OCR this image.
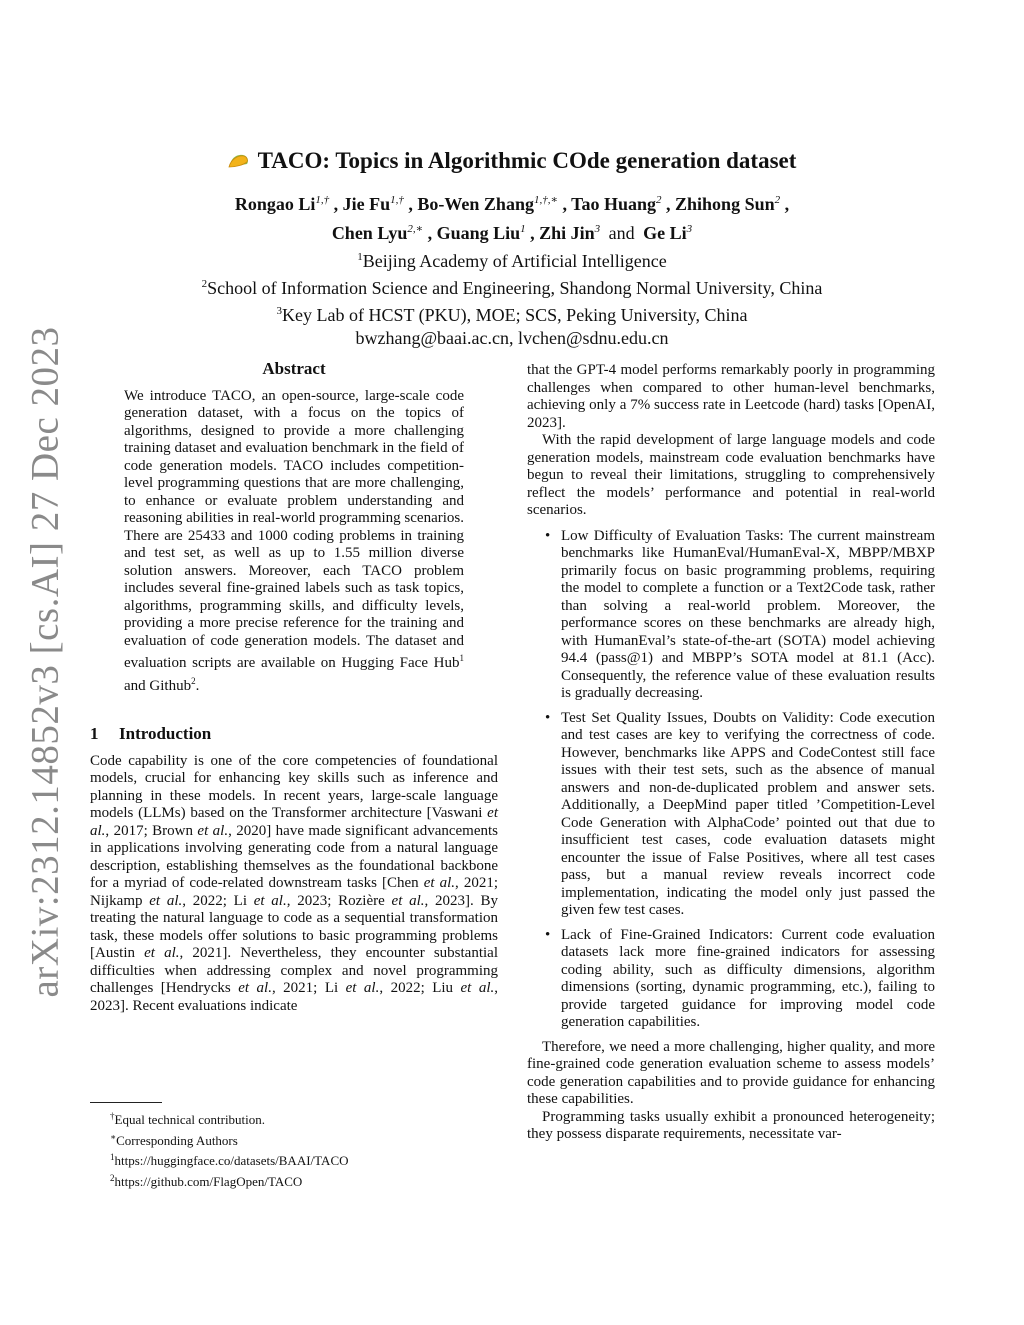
arXiv:2312.14852v3 [cs.AI] 27 Dec 2023
TACO: Topics in Algorithmic COde generation dataset
Rongao $Li^{1,\dagger}$ , Jie $Fu^{1,\dagger}$ , Bo-Wen Zhang$^{1,\dagger,∗}$ , Tao Huang$^2$ , Zhihong Sun$^2$ ,
Chen Lyu$^{2,∗}$ , Guang Liu$^1$ , Zhi Jin$^3$ and Ge Li$^3$
$^1$Beijing Academy of Artificial Intelligence
$^2$School of Information Science and Engineering, Shandong Normal University, China
$^3$Key Lab of HCST (PKU), MOE; SCS, Peking University, China
bwzhang@baai.ac.cn, lvchen@sdnu.edu.cn
Abstract

We introduce TACO, an open-source, large-scale code generation dataset, with a focus on the topics of algorithms, designed to provide a more challenging training dataset and evaluation benchmark in the field of code generation models. TACO includes competition-level programming questions that are more challenging, to enhance or evaluate problem understanding and reasoning abilities in real-world programming scenarios. There are 25433 and 1000 coding problems in training and test set, as well as up to 1.55 million diverse solution answers. Moreover, each TACO problem includes several fine-grained labels such as task topics, algorithms, programming skills, and difficulty levels, providing a more precise reference for the training and evaluation of code generation models. The dataset and evaluation scripts are available on Hugging Face Hub$^1$ and Github$^2$.

1 Introduction

Code capability is one of the core competencies of foundational models, crucial for enhancing key skills such as inference and planning in these models. In recent years, large-scale language models (LLMs) based on the Transformer architecture [Vaswani et al., 2017; Brown et al., 2020] have made significant advancements in applications involving generating code from a natural language description, establishing themselves as the foundational backbone for a myriad of code-related downstream tasks [Chen et al., 2021; Nijkamp et al., 2022; Li et al., 2023; Rozière et al., 2023]. By treating the natural language to code as a sequential transformation task, these models offer solutions to basic programming problems [Austin et al., 2021]. Nevertheless, they encounter substantial difficulties when addressing complex and novel programming challenges [Hendrycks et al., 2021; Li et al., 2022; Liu et al., 2023]. Recent evaluations indicate

that the GPT-4 model performs remarkably poorly in programming challenges when compared to other human-level benchmarks, achieving only a 7% success rate in Leetcode (hard) tasks [OpenAI, 2023].

With the rapid development of large language models and code generation models, mainstream code evaluation benchmarks have begun to reveal their limitations, struggling to comprehensively reflect the models’ performance and potential in real-world scenarios.

• Low Difficulty of Evaluation Tasks: The current mainstream benchmarks like HumanEval/HumanEval-X, MBPP/MBXP primarily focus on basic programming problems, requiring the model to complete a function or a Text2Code task, rather than solving a real-world problem. Moreover, the performance scores on these benchmarks are already high, with HumanEval’s state-of-the-art (SOTA) model achieving 94.4 (pass@1) and MBPP’s SOTA model at 81.1 (Acc). Consequently, the reference value of these evaluation results is gradually decreasing.
• Test Set Quality Issues, Doubts on Validity: Code execution and test cases are key to verifying the correctness of code. However, benchmarks like APPS and CodeContest still face issues with their test sets, such as the absence of manual answers and non-de-duplicated problem and answer sets. Additionally, a DeepMind paper titled ’Competition-Level Code Generation with AlphaCode’ pointed out that due to insufficient test cases, code evaluation datasets might encounter the issue of False Positives, where all test cases pass, but a manual review reveals incorrect code implementation, indicating the model only just passed the given few test cases.
• Lack of Fine-Grained Indicators: Current code evaluation datasets lack more fine-grained indicators for assessing coding ability, such as difficulty dimensions, algorithm dimensions (sorting, dynamic programming, etc.), failing to provide targeted guidance for improving model code generation capabilities.

Therefore, we need a more challenging, higher quality, and more fine-grained code generation evaluation scheme to assess models’ code generation capabilities and to provide guidance for enhancing these capabilities.

Programming tasks usually exhibit a pronounced heterogeneity; they possess disparate requirements, necessitate var-

†Equal technical contribution.
∗Corresponding Authors
$^1$https://huggingface.co/datasets/BAAI/TACO
$^2$https://github.com/FlagOpen/TACO
